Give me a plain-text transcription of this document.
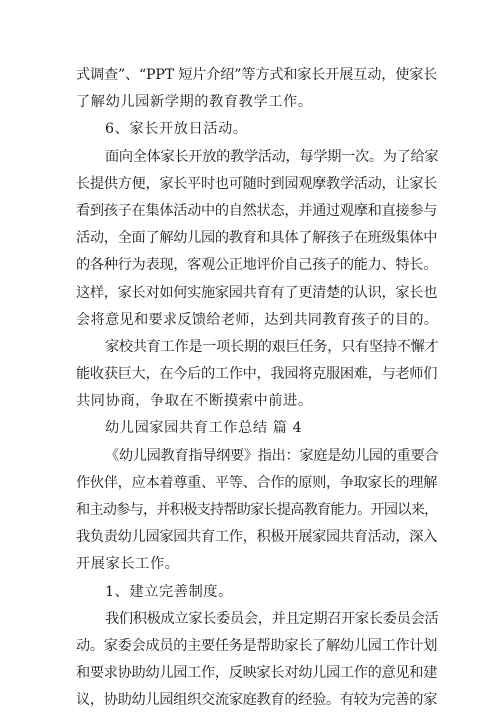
式调查”、“PPT 短片介绍”等方式和家长开展互动，使家长
了解幼儿园新学期的教育教学工作。
6、家长开放日活动。
面向全体家长开放的教学活动，每学期一次。为了给家
长提供方便，家长平时也可随时到园观摩教学活动，让家长
看到孩子在集体活动中的自然状态，并通过观摩和直接参与
活动，全面了解幼儿园的教育和具体了解孩子在班级集体中
的各种行为表现，客观公正地评价自己孩子的能力、特长。
这样，家长对如何实施家园共育有了更清楚的认识，家长也
会将意见和要求反馈给老师，达到共同教育孩子的目的。
家校共育工作是一项长期的艰巨任务，只有坚持不懈才
能收获巨大，在今后的工作中，我园将克服困难，与老师们
共同协商，争取在不断摸索中前进。
幼儿园家园共育工作总结 篇 4
《幼儿园教育指导纲要》指出：家庭是幼儿园的重要合
作伙伴，应本着尊重、平等、合作的原则，争取家长的理解
和主动参与，并积极支持帮助家长提高教育能力。开园以来，
我负责幼儿园家园共育工作，积极开展家园共育活动，深入
开展家长工作。
1、建立完善制度。
我们积极成立家长委员会，并且定期召开家长委员会活
动。家委会成员的主要任务是帮助家长了解幼儿园工作计划
和要求协助幼儿园工作，反映家长对幼儿园工作的意见和建
议，协助幼儿园组织交流家庭教育的经验。有较为完善的家
